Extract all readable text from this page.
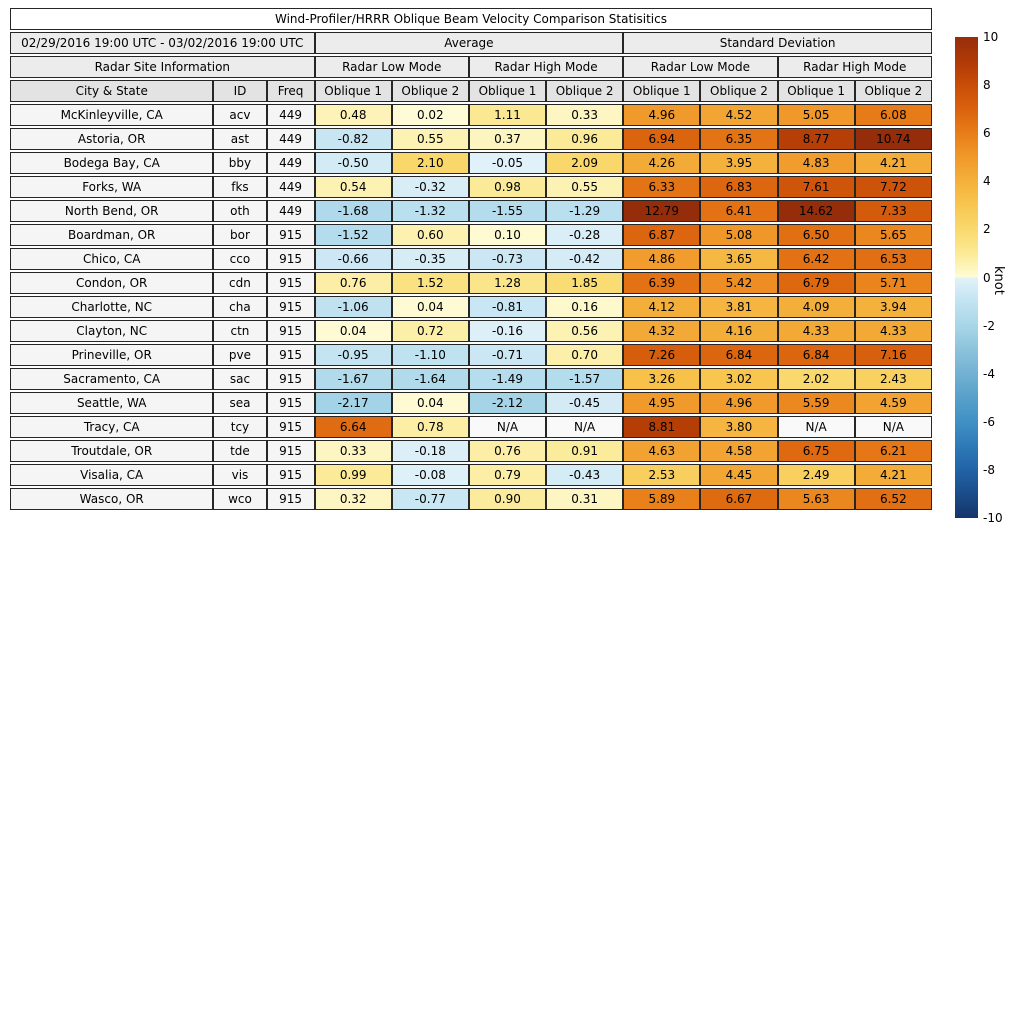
Wind-Profiler/HRRR Oblique Beam Velocity Comparison Statisitics										
02/29/2016 19:00 UTC - 03/02/2016 19:00 UTC			Average				Standard Deviation			
Radar Site Information			Radar Low Mode		Radar High Mode		Radar Low Mode		Radar High Mode	
City & State	ID	Freq	Oblique 1	Oblique 2	Oblique 1	Oblique 2	Oblique 1	Oblique 2	Oblique 1	Oblique 2
McKinleyville, CA	acv	449	0.48	0.02	1.11	0.33	4.96	4.52	5.05	6.08
Astoria, OR	ast	449	-0.82	0.55	0.37	0.96	6.94	6.35	8.77	10.74
Bodega Bay, CA	bby	449	-0.50	2.10	-0.05	2.09	4.26	3.95	4.83	4.21
Forks, WA	fks	449	0.54	-0.32	0.98	0.55	6.33	6.83	7.61	7.72
North Bend, OR	oth	449	-1.68	-1.32	-1.55	-1.29	12.79	6.41	14.62	7.33
Boardman, OR	bor	915	-1.52	0.60	0.10	-0.28	6.87	5.08	6.50	5.65
Chico, CA	cco	915	-0.66	-0.35	-0.73	-0.42	4.86	3.65	6.42	6.53
Condon, OR	cdn	915	0.76	1.52	1.28	1.85	6.39	5.42	6.79	5.71
Charlotte, NC	cha	915	-1.06	0.04	-0.81	0.16	4.12	3.81	4.09	3.94
Clayton, NC	ctn	915	0.04	0.72	-0.16	0.56	4.32	4.16	4.33	4.33
Prineville, OR	pve	915	-0.95	-1.10	-0.71	0.70	7.26	6.84	6.84	7.16
Sacramento, CA	sac	915	-1.67	-1.64	-1.49	-1.57	3.26	3.02	2.02	2.43
Seattle, WA	sea	915	-2.17	0.04	-2.12	-0.45	4.95	4.96	5.59	4.59
Tracy, CA	tcy	915	6.64	0.78	N/A	N/A	8.81	3.80	N/A	N/A
Troutdale, OR	tde	915	0.33	-0.18	0.76	0.91	4.63	4.58	6.75	6.21
Visalia, CA	vis	915	0.99	-0.08	0.79	-0.43	2.53	4.45	2.49	4.21
Wasco, OR	wco	915	0.32	-0.77	0.90	0.31	5.89	6.67	5.63	6.52
10
8
6
4
2
0
-2
-4
-6
-8
-10
knot
